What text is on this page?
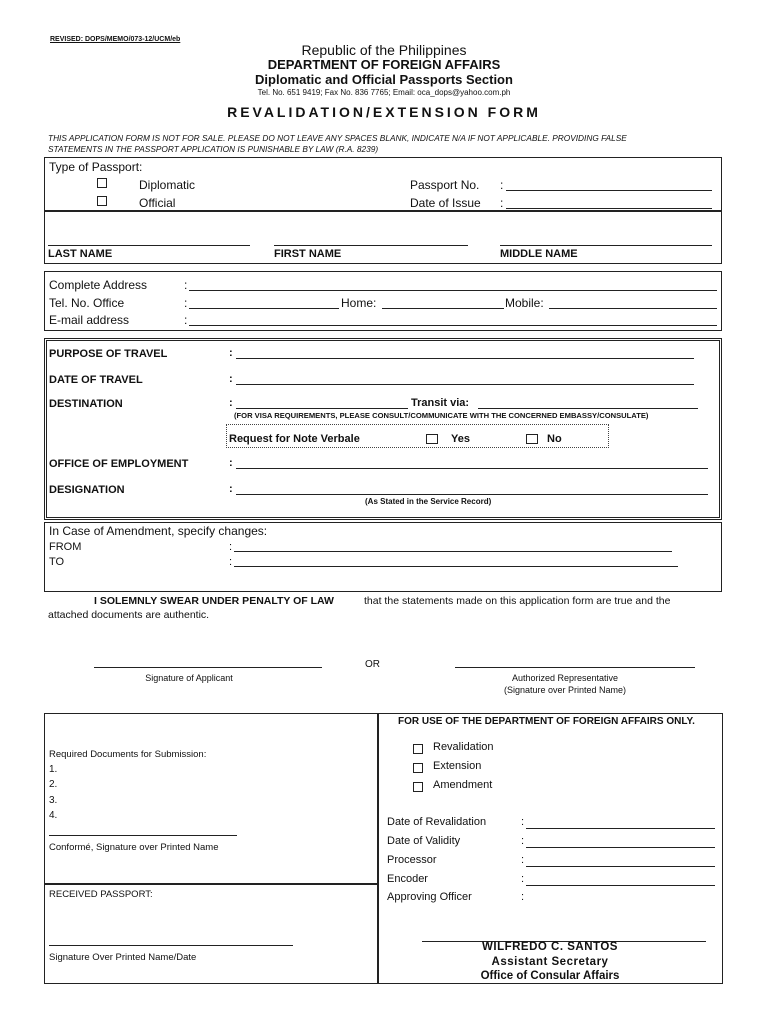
REVISED: DOPS/MEMO/073-12/UCM/eb
Republic of the Philippines
DEPARTMENT OF FOREIGN AFFAIRS
Diplomatic and Official Passports Section
Tel. No. 651 9419; Fax No. 836 7765; Email: oca_dops@yahoo.com.ph
REVALIDATION/EXTENSION FORM
THIS APPLICATION FORM IS NOT FOR SALE. PLEASE DO NOT LEAVE ANY SPACES BLANK, INDICATE N/A IF NOT APPLICABLE. PROVIDING FALSE
STATEMENTS IN THE PASSPORT APPLICATION IS PUNISHABLE BY LAW (R.A. 8239)
Type of Passport:
Diplomatic
Official
Passport No. :
Date of Issue :
LAST NAME	FIRST NAME	MIDDLE NAME
Complete Address	:
Tel. No. Office	:	Home:	Mobile:
E-mail address	:
PURPOSE OF TRAVEL	:
DATE OF TRAVEL	:
DESTINATION	:	Transit via:
(FOR VISA REQUIREMENTS, PLEASE CONSULT/COMMUNICATE WITH THE CONCERNED EMBASSY/CONSULATE)
Request for Note Verbale	Yes	No
OFFICE OF EMPLOYMENT	:
DESIGNATION	:
(As Stated in the Service Record)
In Case of Amendment, specify changes:
FROM	:
TO	:
I SOLEMNLY SWEAR UNDER PENALTY OF LAW	that the statements made on this application form are true and the
attached documents are authentic.
OR
Signature of Applicant	Authorized Representative
(Signature over Printed Name)
Required Documents for Submission:
1.
2.
3.
4.
Conformé, Signature over Printed Name
RECEIVED PASSPORT:
Signature Over Printed Name/Date
FOR USE OF THE DEPARTMENT OF FOREIGN AFFAIRS ONLY.
Revalidation
Extension
Amendment
Date of Revalidation	:
Date of Validity	:
Processor	:
Encoder	:
Approving Officer	:
WILFREDO C. SANTOS
Assistant Secretary
Office of Consular Affairs
